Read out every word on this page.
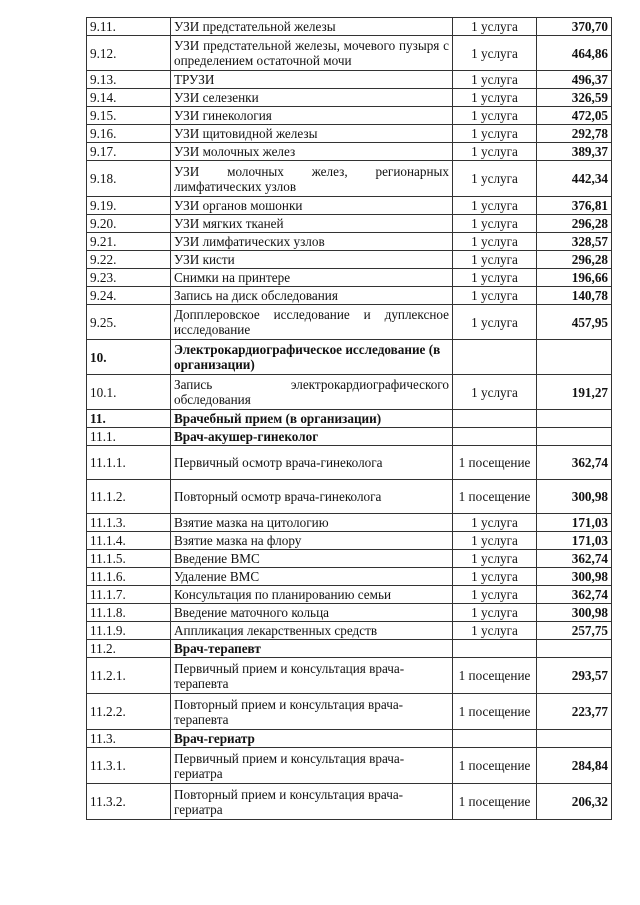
9.11.	УЗИ предстательной железы	1 услуга	370,70
9.12.	УЗИ предстательной железы, мочевого пузыря с определением остаточной мочи	1 услуга	464,86
9.13.	ТРУЗИ	1 услуга	496,37
9.14.	УЗИ селезенки	1 услуга	326,59
9.15.	УЗИ гинекология	1 услуга	472,05
9.16.	УЗИ щитовидной железы	1 услуга	292,78
9.17.	УЗИ молочных желез	1 услуга	389,37
9.18.	УЗИ молочных желез, регионарных лимфатических узлов	1 услуга	442,34
9.19.	УЗИ органов мошонки	1 услуга	376,81
9.20.	УЗИ мягких тканей	1 услуга	296,28
9.21.	УЗИ лимфатических узлов	1 услуга	328,57
9.22.	УЗИ кисти	1 услуга	296,28
9.23.	Снимки на принтере	1 услуга	196,66
9.24.	Запись на диск обследования	1 услуга	140,78
9.25.	Допплеровское исследование и дуплексное исследование	1 услуга	457,95
10.	Электрокардиографическое исследование (в организации)		
10.1.	Запись электрокардиографического обследования	1 услуга	191,27
11.	Врачебный прием (в организации)		
11.1.	Врач-акушер-гинеколог		
11.1.1.	Первичный осмотр врача-гинеколога	1 посещение	362,74
11.1.2.	Повторный осмотр врача-гинеколога	1 посещение	300,98
11.1.3.	Взятие мазка на цитологию	1 услуга	171,03
11.1.4.	Взятие мазка на флору	1 услуга	171,03
11.1.5.	Введение ВМС	1 услуга	362,74
11.1.6.	Удаление ВМС	1 услуга	300,98
11.1.7.	Консультация по планированию семьи	1 услуга	362,74
11.1.8.	Введение маточного кольца	1 услуга	300,98
11.1.9.	Аппликация лекарственных средств	1 услуга	257,75
11.2.	Врач-терапевт		
11.2.1.	Первичный прием и консультация врача-терапевта	1 посещение	293,57
11.2.2.	Повторный прием и консультация врача-терапевта	1 посещение	223,77
11.3.	Врач-гериатр		
11.3.1.	Первичный прием и консультация врача-гериатра	1 посещение	284,84
11.3.2.	Повторный прием и консультация врача-гериатра	1 посещение	206,32
